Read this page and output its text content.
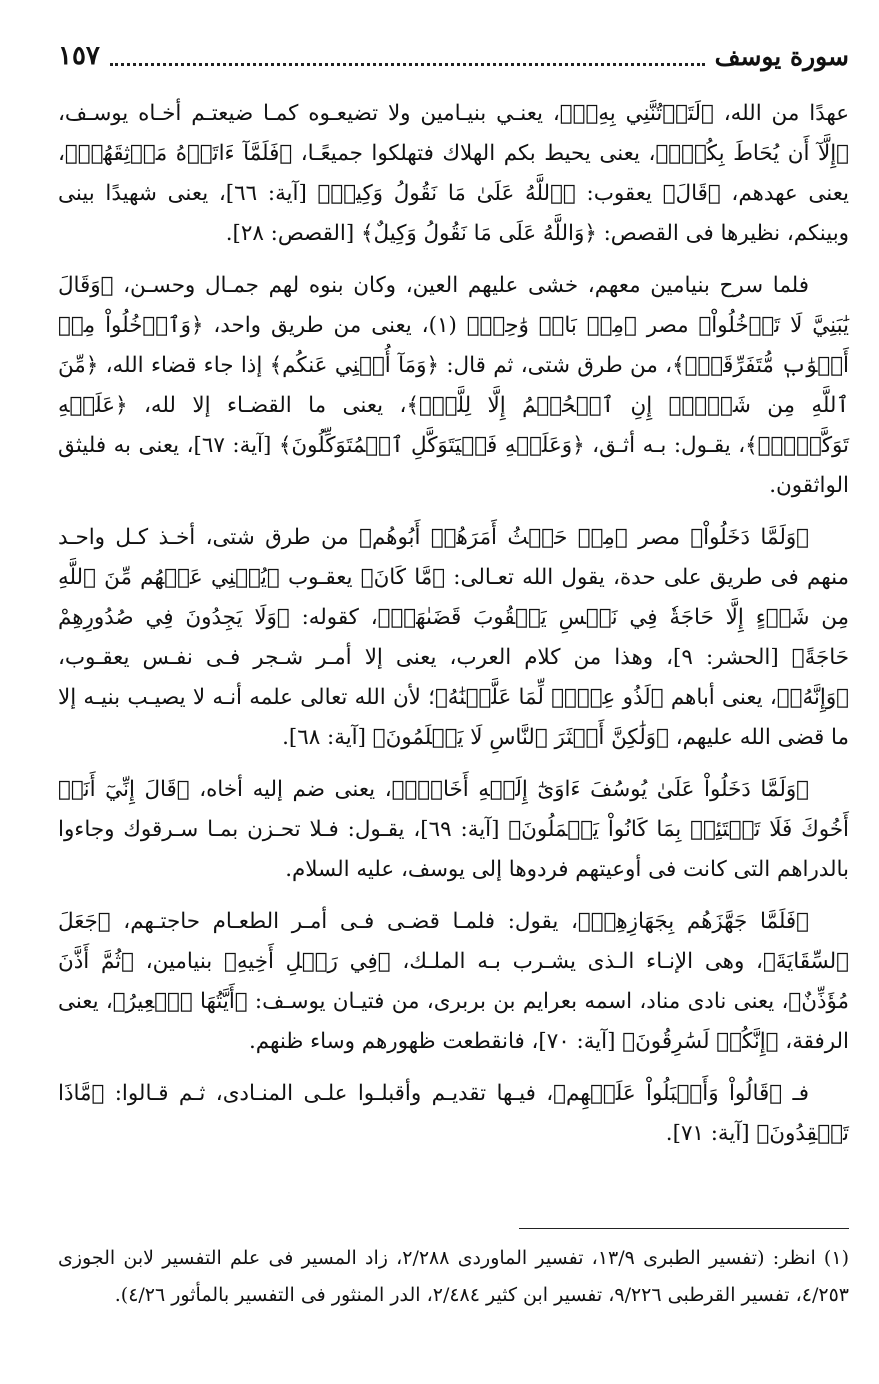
سورة يوسف
١٥٧

عهدًا من الله، ﴿لَتَأۡتُنَّنِي بِهِۦٓ﴾، يعنـي بنيـامين ولا تضيعـوه كمـا ضيعتـم أخـاه يوسـف، ﴿إِلَّآ أَن يُحَاطَ بِكُمۡۖ﴾، يعنى يحيط بكم الهلاك فتهلكوا جميعًـا، ﴿فَلَمَّآ ءَاتَوۡهُ مَوۡثِقَهُمۡ﴾، يعنى عهدهم، ﴿قَالَ﴾ يعقوب: ﴿ٱللَّهُ عَلَىٰ مَا نَقُولُ وَكِيلٞ﴾ [آية: ٦٦]، يعنى شهيدًا بينى وبينكم، نظيرها فى القصص: ﴿وَاللَّهُ عَلَى مَا نَقُولُ وَكِيلٌ﴾ [القصص: ٢٨].

فلما سرح بنيامين معهم، خشى عليهم العين، وكان بنوه لهم جمـال وحسـن، ﴿وَقَالَ يَٰبَنِيَّ لَا تَدۡخُلُواْ﴾ مصر ﴿مِنۢ بَابٖ وَٰحِدٖ﴾ (١)، يعنى من طريق واحد، ﴿وَٱدۡخُلُواْ مِنۡ أَبۡوَٰبٖ مُّتَفَرِّقَةٖۖ﴾، من طرق شتى، ثم قال: ﴿وَمَآ أُغۡنِي عَنكُم﴾ إذا جاء قضاء الله، ﴿مِّنَ ٱللَّهِ مِن شَيۡءٍۖ إِنِ ٱلۡحُكۡمُ إِلَّا لِلَّهِۖ﴾، يعنى ما القضـاء إلا لله، ﴿عَلَيۡهِ تَوَكَّلۡتُۖ﴾، يقـول: بـه أثـق، ﴿وَعَلَيۡهِ فَلۡيَتَوَكَّلِ ٱلۡمُتَوَكِّلُونَ﴾ [آية: ٦٧]، يعنى به فليثق الواثقون.

﴿وَلَمَّا دَخَلُواْ﴾ مصر ﴿مِنۡ حَيۡثُ أَمَرَهُمۡ أَبُوهُم﴾ من طرق شتى، أخـذ كـل واحـد منهم فى طريق على حدة، يقول الله تعـالى: ﴿مَّا كَانَ﴾ يعقـوب ﴿يُغۡنِي عَنۡهُم مِّنَ ٱللَّهِ مِن شَيۡءٍ إِلَّا حَاجَةٗ فِي نَفۡسِ يَعۡقُوبَ قَضَىٰهَاۚ﴾، كقوله: ﴿وَلَا يَجِدُونَ فِي صُدُورِهِمْ حَاجَةً﴾ [الحشر: ٩]، وهذا من كلام العرب، يعنى إلا أمـر شـجر فـى نفـس يعقـوب، ﴿وَإِنَّهُۥ﴾، يعنى أباهم ﴿لَذُو عِلۡمٖ لِّمَا عَلَّمۡنَٰهُ﴾؛ لأن الله تعالى علمه أنـه لا يصيـب بنيـه إلا ما قضى الله عليهم، ﴿وَلَٰكِنَّ أَكۡثَرَ ٱلنَّاسِ لَا يَعۡلَمُونَ﴾ [آية: ٦٨].

﴿وَلَمَّا دَخَلُواْ عَلَىٰ يُوسُفَ ءَاوَىٰٓ إِلَيۡهِ أَخَاهُۖ﴾، يعنى ضم إليه أخاه، ﴿قَالَ إِنِّيٓ أَنَا۠ أَخُوكَ فَلَا تَبۡتَئِسۡ بِمَا كَانُواْ يَعۡمَلُونَ﴾ [آية: ٦٩]، يقـول: فـلا تحـزن بمـا سـرقوك وجاءوا بالدراهم التى كانت فى أوعيتهم فردوها إلى يوسف، عليه السلام.

﴿فَلَمَّا جَهَّزَهُم بِجَهَازِهِمۡ﴾، يقول: فلمـا قضـى فـى أمـر الطعـام حاجتـهم، ﴿جَعَلَ ٱلسِّقَايَةَ﴾، وهى الإنـاء الـذى يشـرب بـه الملـك، ﴿فِي رَحۡلِ أَخِيهِ﴾ بنيامين، ﴿ثُمَّ أَذَّنَ مُؤَذِّنٌ﴾، يعنى نادى مناد، اسمه بعرايم بن بربرى، من فتيـان يوسـف: ﴿أَيَّتُهَا ٱلۡعِيرُ﴾، يعنى الرفقة، ﴿إِنَّكُمۡ لَسَٰرِقُونَ﴾ [آية: ٧٠]، فانقطعت ظهورهم وساء ظنهم.

فـ ﴿قَالُواْ وَأَقۡبَلُواْ عَلَيۡهِم﴾، فيـها تقديـم وأقبلـوا علـى المنـادى، ثـم قـالوا: ﴿مَّاذَا تَفۡقِدُونَ﴾ [آية: ٧١].

(١) انظر: (تفسير الطبرى ١٣/٩، تفسير الماوردى ٢/٢٨٨، زاد المسير فى علم التفسير لابن الجوزى ٤/٢٥٣، تفسير القرطبى ٩/٢٢٦، تفسير ابن كثير ٢/٤٨٤، الدر المنثور فى التفسير بالمأثور ٤/٢٦).
